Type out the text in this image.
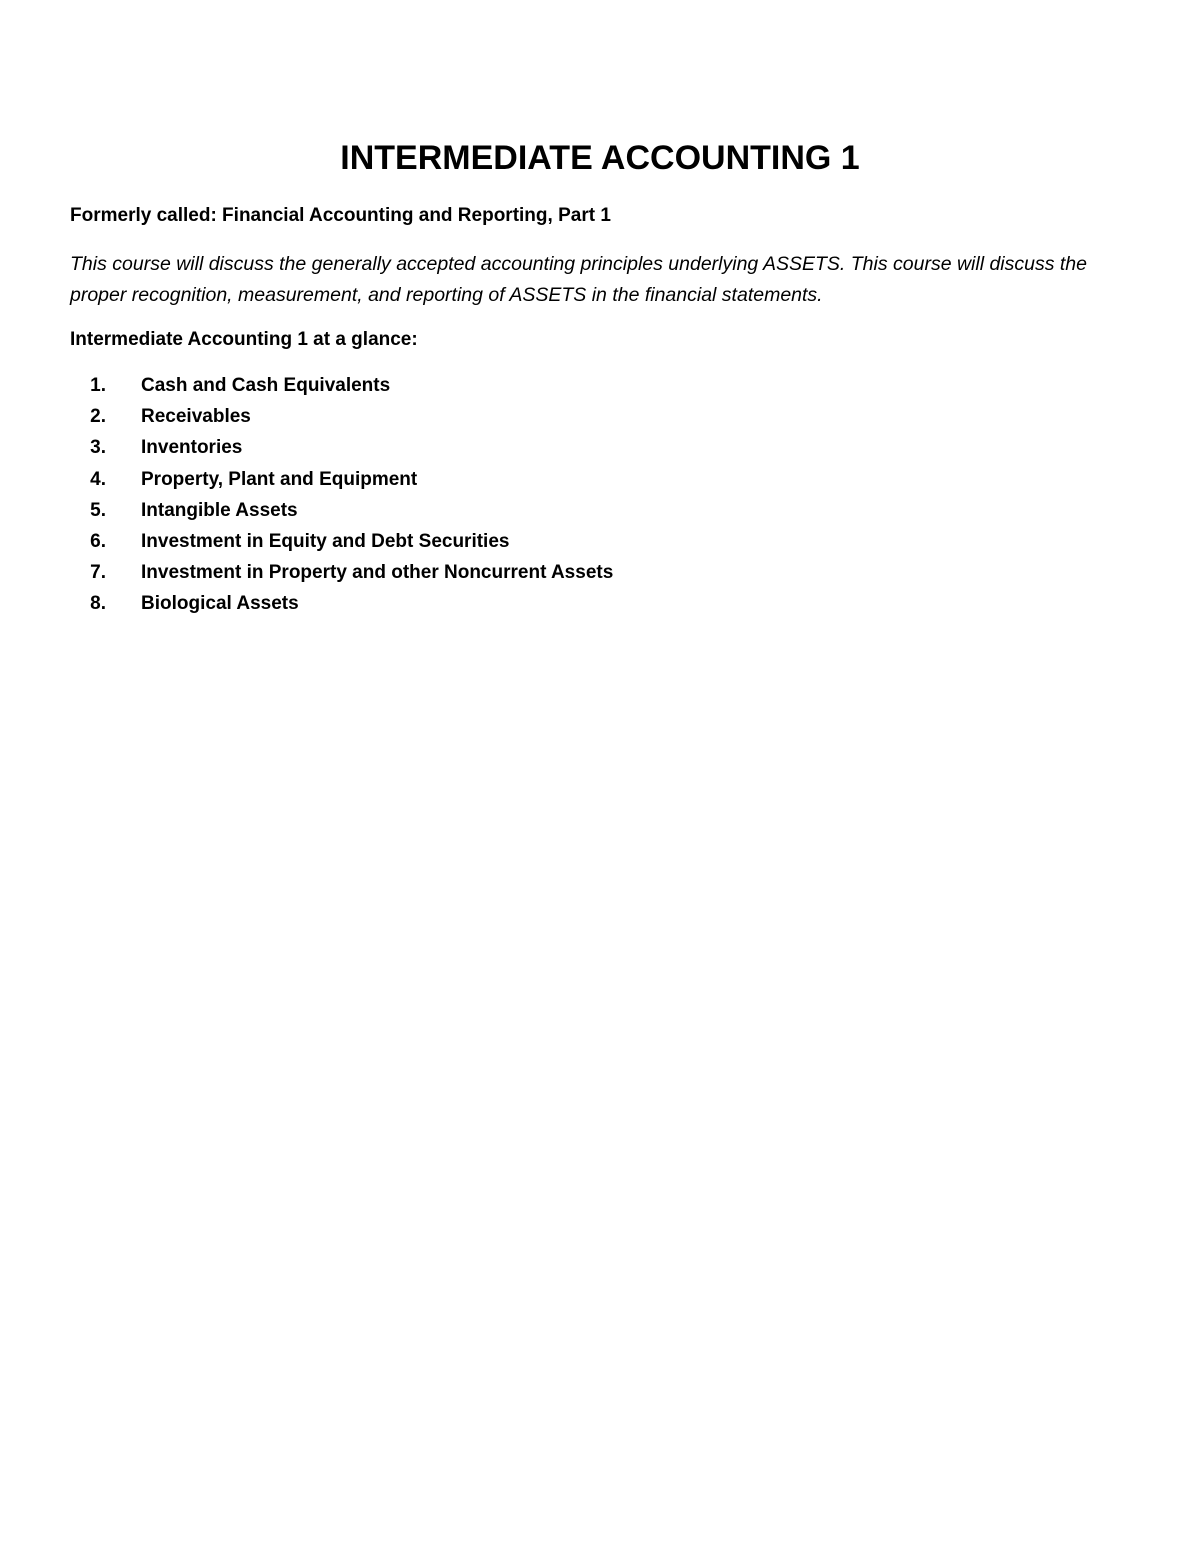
INTERMEDIATE ACCOUNTING 1
Formerly called: Financial Accounting and Reporting, Part 1

This course will discuss the generally accepted accounting principles underlying ASSETS. This course will discuss the proper recognition, measurement, and reporting of ASSETS in the financial statements.

Intermediate Accounting 1 at a glance:
1. Cash and Cash Equivalents
2. Receivables
3. Inventories
4. Property, Plant and Equipment
5. Intangible Assets
6. Investment in Equity and Debt Securities
7. Investment in Property and other Noncurrent Assets
8. Biological Assets
